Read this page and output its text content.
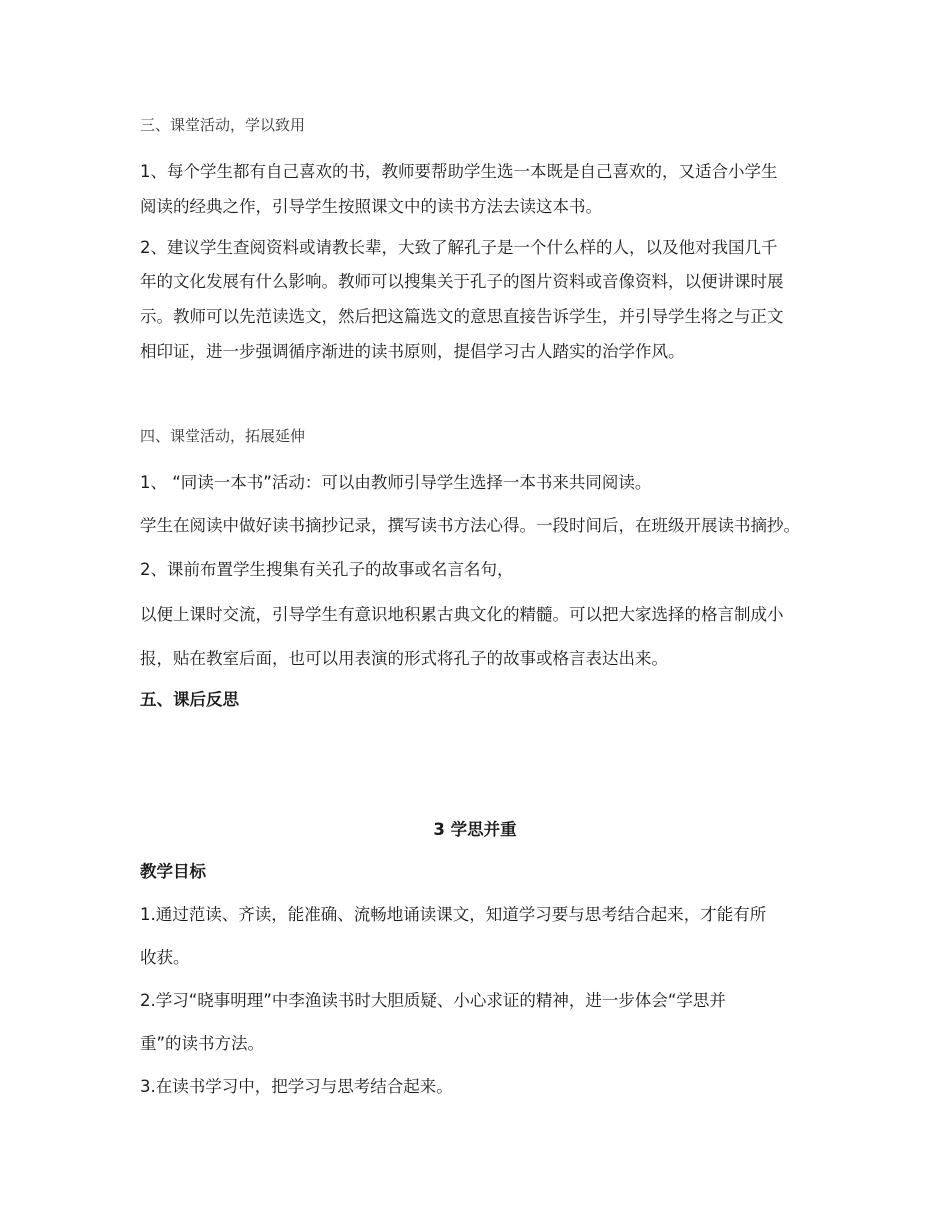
三、课堂活动，学以致用
1、每个学生都有自己喜欢的书，教师要帮助学生选一本既是自己喜欢的，又适合小学生
阅读的经典之作，引导学生按照课文中的读书方法去读这本书。
2、建议学生查阅资料或请教长辈，大致了解孔子是一个什么样的人，以及他对我国几千
年的文化发展有什么影响。教师可以搜集关于孔子的图片资料或音像资料，以便讲课时展
示。教师可以先范读选文，然后把这篇选文的意思直接告诉学生，并引导学生将之与正文
相印证，进一步强调循序渐进的读书原则，提倡学习古人踏实的治学作风。
四、课堂活动，拓展延伸
1、 “同读一本书”活动：可以由教师引导学生选择一本书来共同阅读。
学生在阅读中做好读书摘抄记录，撰写读书方法心得。一段时间后，在班级开展读书摘抄。
2、课前布置学生搜集有关孔子的故事或名言名句，
以便上课时交流，引导学生有意识地积累古典文化的精髓。可以把大家选择的格言制成小
报，贴在教室后面，也可以用表演的形式将孔子的故事或格言表达出来。
五、课后反思
3 学思并重
教学目标
1.通过范读、齐读，能准确、流畅地诵读课文，知道学习要与思考结合起来，才能有所
收获。
2.学习“晓事明理”中李渔读书时大胆质疑、小心求证的精神，进一步体会“学思并
重”的读书方法。
3.在读书学习中，把学习与思考结合起来。
